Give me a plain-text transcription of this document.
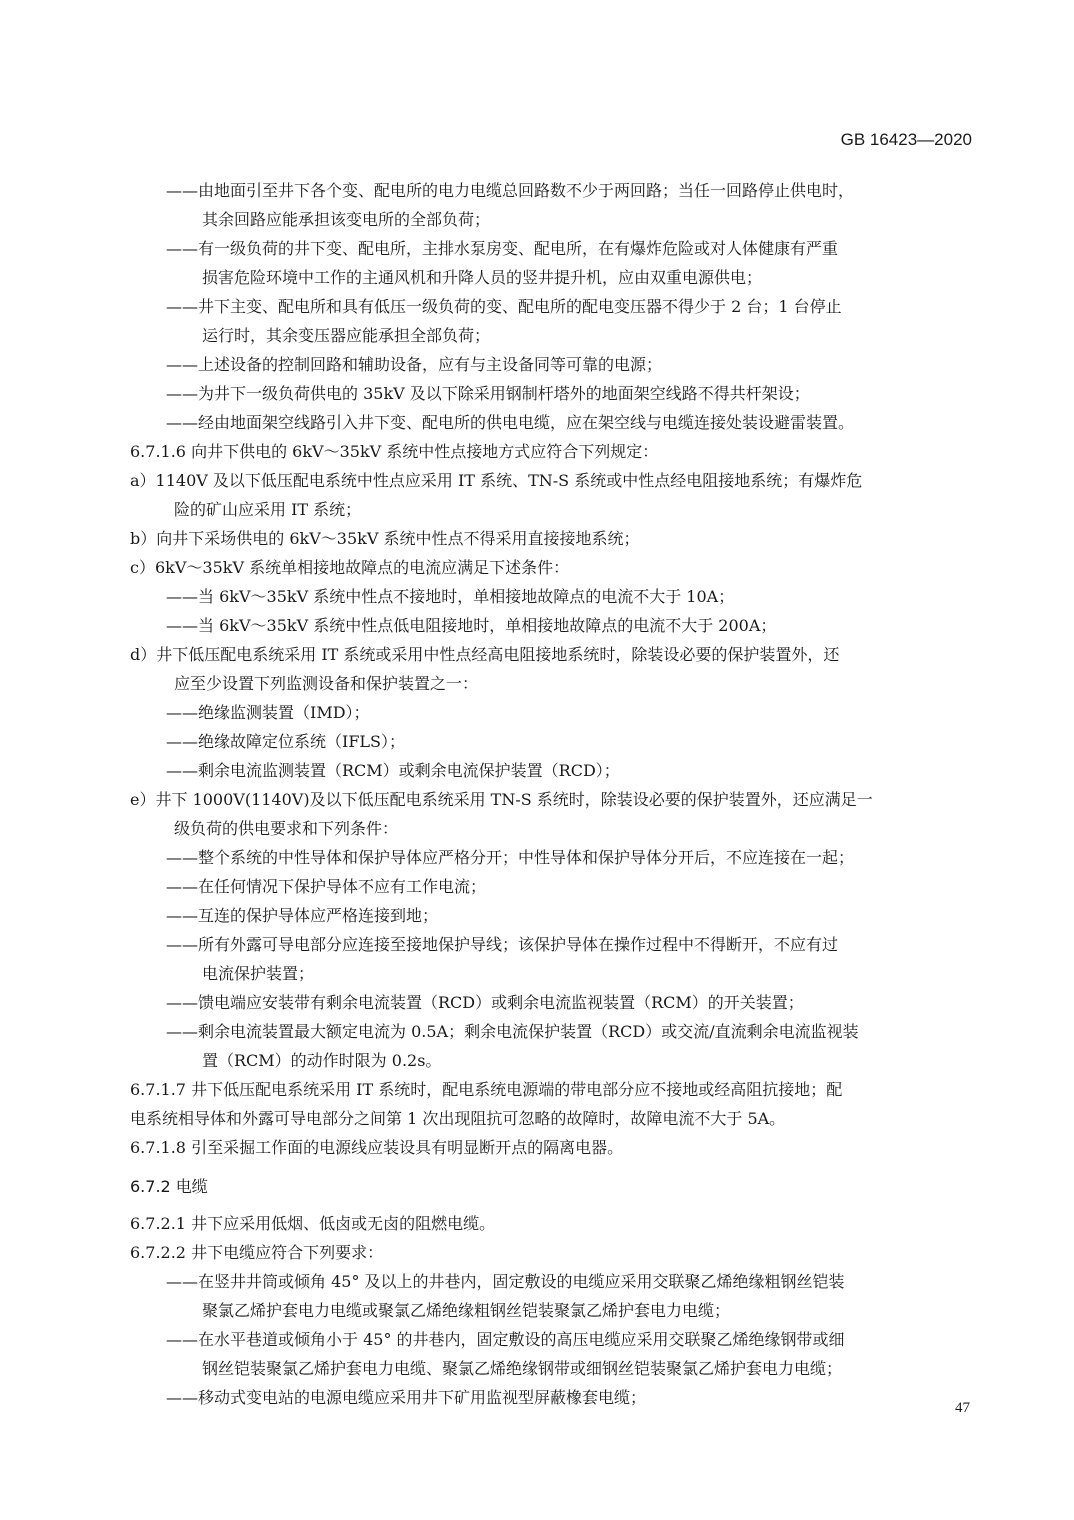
GB 16423—2020
——由地面引至井下各个变、配电所的电力电缆总回路数不少于两回路；当任一回路停止供电时，
其余回路应能承担该变电所的全部负荷；
——有一级负荷的井下变、配电所，主排水泵房变、配电所，在有爆炸危险或对人体健康有严重
损害危险环境中工作的主通风机和升降人员的竖井提升机，应由双重电源供电；
——井下主变、配电所和具有低压一级负荷的变、配电所的配电变压器不得少于 2 台；1 台停止
运行时，其余变压器应能承担全部负荷；
——上述设备的控制回路和辅助设备，应有与主设备同等可靠的电源；
——为井下一级负荷供电的 35kV 及以下除采用钢制杆塔外的地面架空线路不得共杆架设；
——经由地面架空线路引入井下变、配电所的供电电缆，应在架空线与电缆连接处装设避雷装置。
6.7.1.6 向井下供电的 6kV～35kV 系统中性点接地方式应符合下列规定：
a）1140V 及以下低压配电系统中性点应采用 IT 系统、TN-S 系统或中性点经电阻接地系统；有爆炸危
险的矿山应采用 IT 系统；
b）向井下采场供电的 6kV～35kV 系统中性点不得采用直接接地系统；
c）6kV～35kV 系统单相接地故障点的电流应满足下述条件：
——当 6kV～35kV 系统中性点不接地时，单相接地故障点的电流不大于 10A；
——当 6kV～35kV 系统中性点低电阻接地时，单相接地故障点的电流不大于 200A；
d）井下低压配电系统采用 IT 系统或采用中性点经高电阻接地系统时，除装设必要的保护装置外，还
应至少设置下列监测设备和保护装置之一：
——绝缘监测装置（IMD）；
——绝缘故障定位系统（IFLS）；
——剩余电流监测装置（RCM）或剩余电流保护装置（RCD）；
e）井下 1000V(1140V)及以下低压配电系统采用 TN-S 系统时，除装设必要的保护装置外，还应满足一
级负荷的供电要求和下列条件：
——整个系统的中性导体和保护导体应严格分开；中性导体和保护导体分开后，不应连接在一起；
——在任何情况下保护导体不应有工作电流；
——互连的保护导体应严格连接到地；
——所有外露可导电部分应连接至接地保护导线；该保护导体在操作过程中不得断开，不应有过
电流保护装置；
——馈电端应安装带有剩余电流装置（RCD）或剩余电流监视装置（RCM）的开关装置；
——剩余电流装置最大额定电流为 0.5A；剩余电流保护装置（RCD）或交流/直流剩余电流监视装
置（RCM）的动作时限为 0.2s。
6.7.1.7 井下低压配电系统采用 IT 系统时，配电系统电源端的带电部分应不接地或经高阻抗接地；配
电系统相导体和外露可导电部分之间第 1 次出现阻抗可忽略的故障时，故障电流不大于 5A。
6.7.1.8 引至采掘工作面的电源线应装设具有明显断开点的隔离电器。
6.7.2 电缆
6.7.2.1 井下应采用低烟、低卤或无卤的阻燃电缆。
6.7.2.2 井下电缆应符合下列要求：
——在竖井井筒或倾角 45° 及以上的井巷内，固定敷设的电缆应采用交联聚乙烯绝缘粗钢丝铠装
聚氯乙烯护套电力电缆或聚氯乙烯绝缘粗钢丝铠装聚氯乙烯护套电力电缆；
——在水平巷道或倾角小于 45° 的井巷内，固定敷设的高压电缆应采用交联聚乙烯绝缘钢带或细
钢丝铠装聚氯乙烯护套电力电缆、聚氯乙烯绝缘钢带或细钢丝铠装聚氯乙烯护套电力电缆；
——移动式变电站的电源电缆应采用井下矿用监视型屏蔽橡套电缆；
47
